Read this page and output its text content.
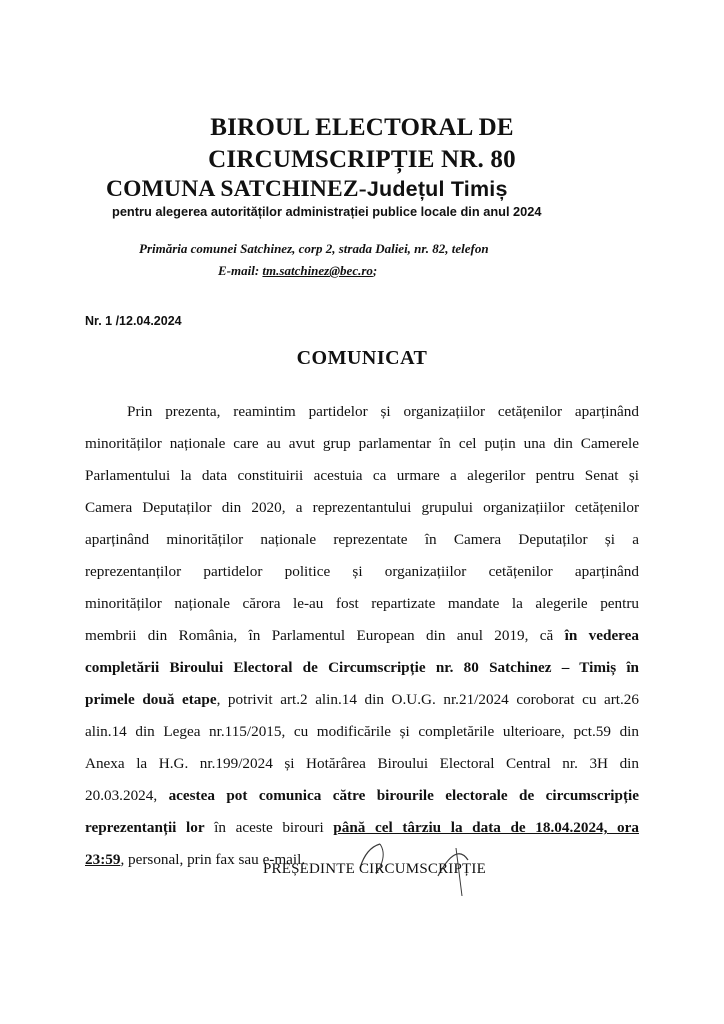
BIROUL ELECTORAL DE
CIRCUMSCRIPȚIE NR. 80
COMUNA SATCHINEZ-Județul Timiș
pentru alegerea autorităților administrației publice locale din anul 2024
Primăria comunei Satchinez, corp 2, strada Daliei, nr. 82, telefon
E-mail: tm.satchinez@bec.ro;
Nr. 1 /12.04.2024
COMUNICAT
Prin prezenta, reamintim partidelor și organizațiilor cetățenilor aparținând
minorităților naționale care au avut grup parlamentar în cel puțin una din Camerele
Parlamentului la data constituirii acestuia ca urmare a alegerilor pentru Senat și
Camera Deputaților din 2020, a reprezentantului grupului organizațiilor cetățenilor
aparținând minorităților naționale reprezentate în Camera Deputaților și a
reprezentanților partidelor politice și organizațiilor cetățenilor aparținând
minorităților naționale cărora le-au fost repartizate mandate la alegerile pentru
membrii din România, în Parlamentul European din anul 2019, că în vederea
completării Biroului Electoral de Circumscripție nr. 80 Satchinez – Timiș în
primele două etape, potrivit art.2 alin.14 din O.U.G. nr.21/2024 coroborat cu art.26
alin.14 din Legea nr.115/2015, cu modificările și completările ulterioare, pct.59 din
Anexa la H.G. nr.199/2024 și Hotărârea Biroului Electoral Central nr. 3H din
20.03.2024, acestea pot comunica către birourile electorale de circumscripție
reprezentanții lor în aceste birouri până cel târziu la data de 18.04.2024, ora
23:59, personal, prin fax sau e-mail.
PREȘEDINTE CIRCUMSCRIPȚIE
